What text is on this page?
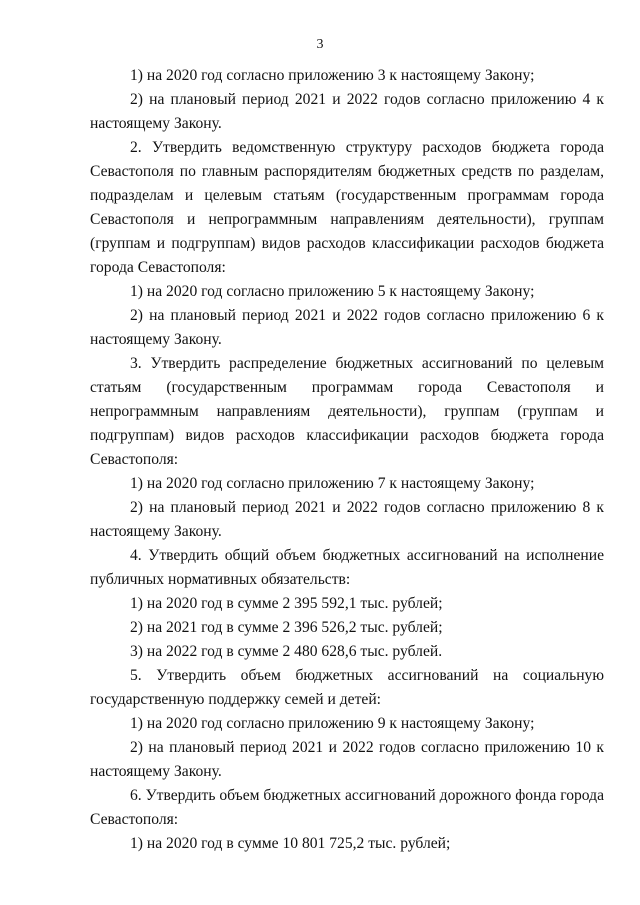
3

1) на 2020 год согласно приложению 3 к настоящему Закону;

2) на плановый период 2021 и 2022 годов согласно приложению 4 к настоящему Закону.

2. Утвердить ведомственную структуру расходов бюджета города Севастополя по главным распорядителям бюджетных средств по разделам, подразделам и целевым статьям (государственным программам города Севастополя и непрограммным направлениям деятельности), группам (группам и подгруппам) видов расходов классификации расходов бюджета города Севастополя:

1) на 2020 год согласно приложению 5 к настоящему Закону;

2) на плановый период 2021 и 2022 годов согласно приложению 6 к настоящему Закону.

3. Утвердить распределение бюджетных ассигнований по целевым статьям (государственным программам города Севастополя и непрограммным направлениям деятельности), группам (группам и подгруппам) видов расходов классификации расходов бюджета города Севастополя:

1) на 2020 год согласно приложению 7 к настоящему Закону;

2) на плановый период 2021 и 2022 годов согласно приложению 8 к настоящему Закону.

4. Утвердить общий объем бюджетных ассигнований на исполнение публичных нормативных обязательств:

1) на 2020 год в сумме 2 395 592,1 тыс. рублей;

2) на 2021 год в сумме 2 396 526,2 тыс. рублей;

3) на 2022 год в сумме 2 480 628,6 тыс. рублей.

5. Утвердить объем бюджетных ассигнований на социальную государственную поддержку семей и детей:

1) на 2020 год согласно приложению 9 к настоящему Закону;

2) на плановый период 2021 и 2022 годов согласно приложению 10 к настоящему Закону.

6. Утвердить объем бюджетных ассигнований дорожного фонда города Севастополя:

1) на 2020 год в сумме 10 801 725,2 тыс. рублей;
